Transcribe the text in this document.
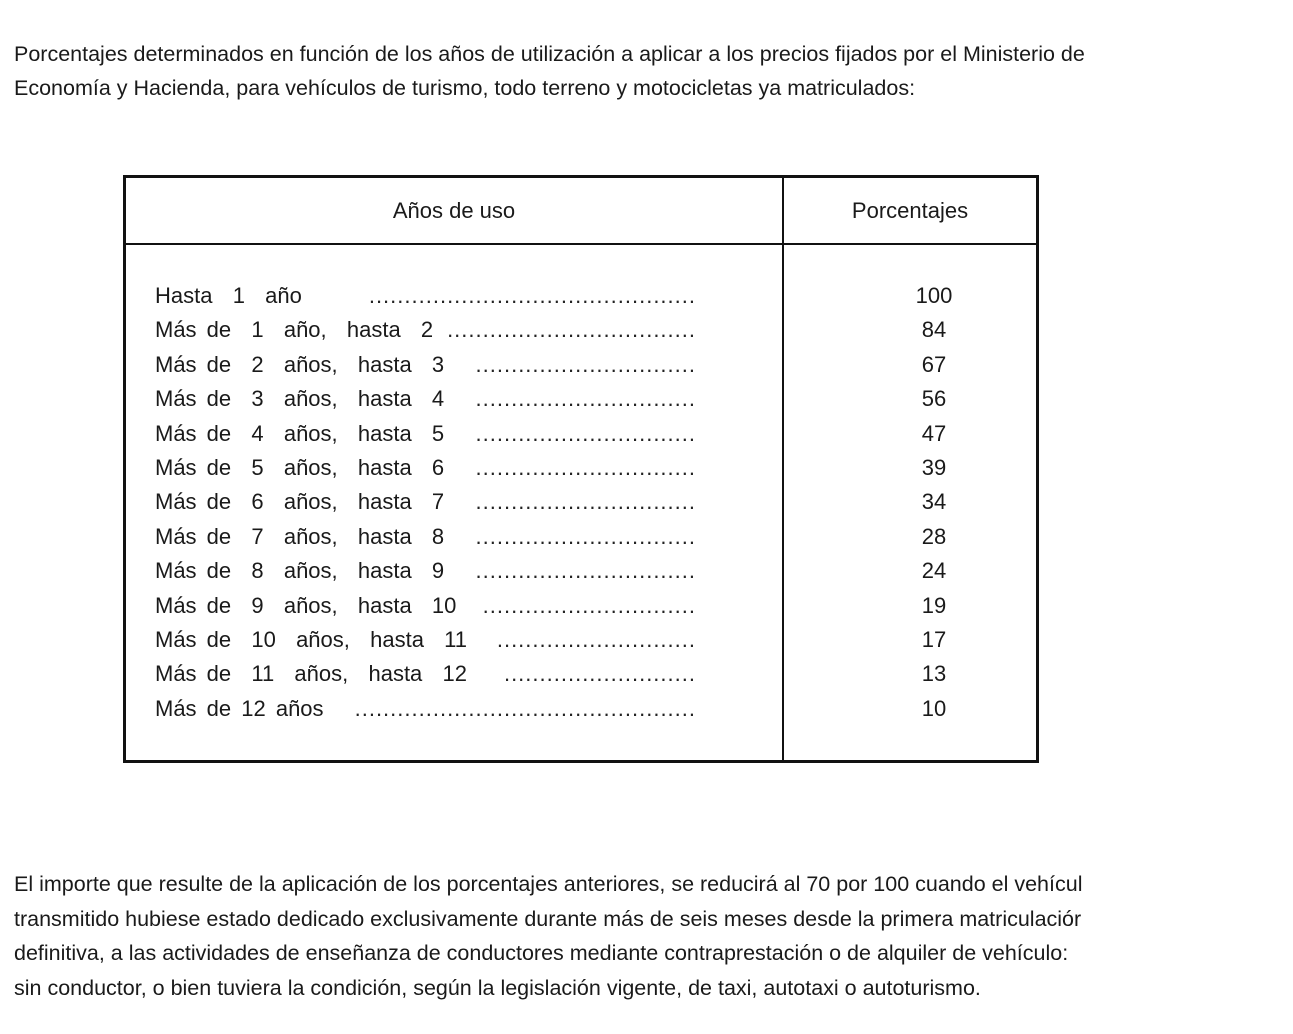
Porcentajes determinados en función de los años de utilización a aplicar a los precios fijados por el Ministerio de

Economía y Hacienda, para vehículos de turismo, todo terreno y motocicletas ya matriculados:

Años de uso	Porcentajes
Hasta  1  año	..............................................	100
Más de  1  año,  hasta  2 ...................................	84
Más de  2  años,  hasta  3 ...............................	67
Más de  3  años,  hasta  4 ...............................	56
Más de  4  años,  hasta  5 ...............................	47
Más de  5  años,  hasta  6 ...............................	39
Más de  6  años,  hasta  7 ...............................	34
Más de  7  años,  hasta  8 ...............................	28
Más de  8  años,  hasta  9 ...............................	24
Más de  9  años,  hasta  10 ..............................	19
Más de  10  años,  hasta  11 ............................	17
Más de  11  años,  hasta  12 ...........................	13
Más de 12 años ................................................	10

El importe que resulte de la aplicación de los porcentajes anteriores, se reducirá al 70 por 100 cuando el vehícul

transmitido hubiese estado dedicado exclusivamente durante más de seis meses desde la primera matriculaciór

definitiva, a las actividades de enseñanza de conductores mediante contraprestación o de alquiler de vehículo:

sin conductor, o bien tuviera la condición, según la legislación vigente, de taxi, autotaxi o autoturismo.
